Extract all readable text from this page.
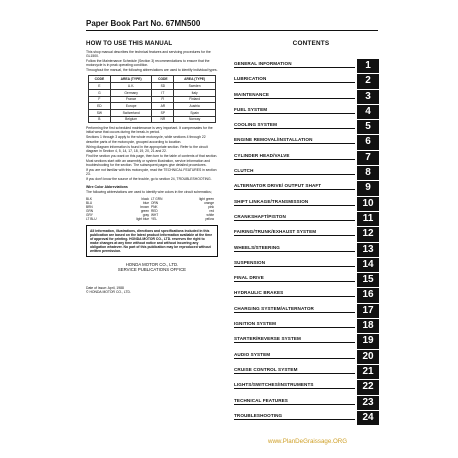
Paper Book Part No. 67MN500
HOW TO USE THIS MANUAL

This shop manual describes the technical features and servicing procedures for the GL1500.

Follow the Maintenance Schedule (Section 3) recommendations to ensure that the motorcycle is in peak operating condition.

Throughout the manual, the following abbreviations are used to identify individual types.

CODE	AREA (TYPE)	CODE	AREA (TYPE)
E	U.K.	SD	Sweden
G	Germany	IT	Italy
F	France	FI	Finland
ED	Europe	AR	Austria
SW	Switzerland	SP	Spain
B	Belgium	NR	Norway

Performing the first scheduled maintenance is very important. It compensates for the initial wear that occurs during the break-in period.

Sections 1 through 3 apply to the whole motorcycle, while sections 4 through 22 describe parts of the motorcycle, grouped according to location.

Wiring diagram information is found in the appropriate section. Refer to the circuit diagram in Section 4, 5, 14, 17, 18, 19, 20, 21 and 22.

Find the section you want on this page, then turn to the table of contents of that section.

Most sections start with an assembly or system illustration, service information and troubleshooting for the section. The subsequent pages give detailed procedures.

If you are not familiar with this motorcycle, read the TECHNICAL FEATURES in section 23.

If you don't know the source of the trouble, go to section 24, TROUBLESHOOTING.

Wire Color Abbreviations

The following abbreviations are used to identify wire colors in the circuit schematics;

BLK	black LT GRN	light green
BLU	blue ORN	orange
BRN	brown PNK	pink
GRN	green RED	red
GRY	gray WHT	white
LT BLU	light blue YEL	yellow
All information, illustrations, directions and specifications included in this publication are based on the latest product information available at the time of approval for printing. HONDA MOTOR CO., LTD. reserves the right to make changes at any time without notice and without incurring any obligation whatever. No part of this publication may be reproduced without written permission.
HONDA MOTOR CO., LTD.
SERVICE PUBLICATIONS OFFICE
Date of Issue: April, 1988
© HONDA MOTOR CO., LTD.
CONTENTS
GENERAL INFORMATION	1
LUBRICATION	2
MAINTENANCE	3
FUEL SYSTEM	4
COOLING SYSTEM	5
ENGINE REMOVAL/INSTALLATION	6
CYLINDER HEAD/VALVE	7
CLUTCH	8
ALTERNATOR DRIVE/ OUTPUT SHAFT	9
SHIFT LINKAGE/TRANSMISSION	10
CRANKSHAFT/PISTON	11
FAIRING/TRUNK/EXHAUST SYSTEM	12
WHEELS/STEERING	13
SUSPENSION	14
FINAL DRIVE	15
HYDRAULIC BRAKES	16
CHARGING SYSTEM/ALTERNATOR	17
IGNITION SYSTEM	18
STARTER/REVERSE SYSTEM	19
AUDIO SYSTEM	20
CRUISE CONTROL SYSTEM	21
LIGHTS/SWITCHES/INSTRUMENTS	22
TECHNICAL FEATURES	23
TROUBLESHOOTING	24
www.PlanDeGraissage.ORG
